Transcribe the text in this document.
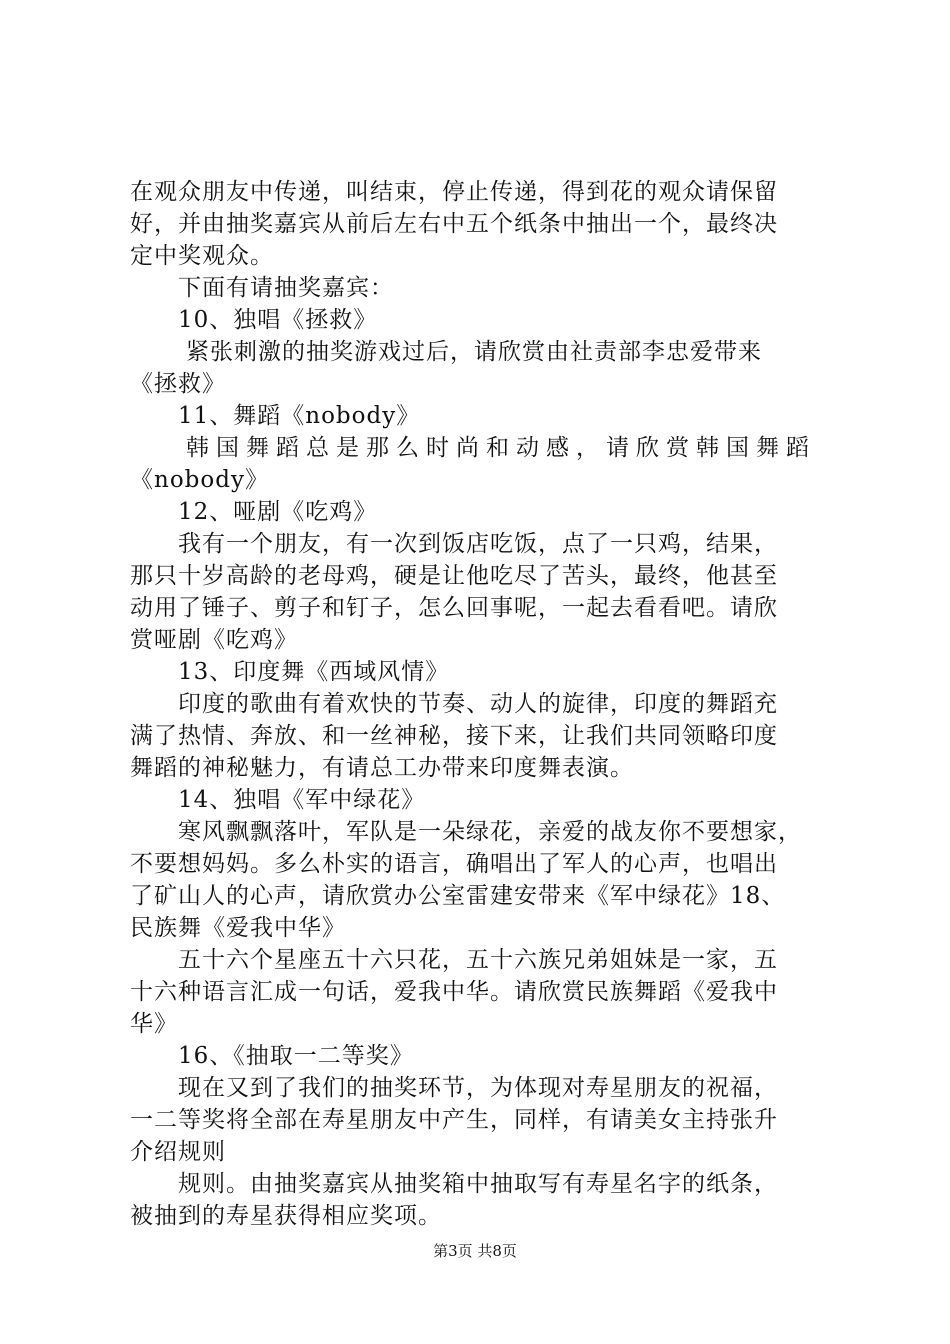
在观众朋友中传递，叫结束，停止传递，得到花的观众请保留
好，并由抽奖嘉宾从前后左右中五个纸条中抽出一个，最终决
定中奖观众。
下面有请抽奖嘉宾：
10、独唱《拯救》
紧张刺激的抽奖游戏过后，请欣赏由社责部李忠爱带来
《拯救》
11、舞蹈《nobody》
韩国舞蹈总是那么时尚和动感，请欣赏韩国舞蹈
《nobody》
12、哑剧《吃鸡》
我有一个朋友，有一次到饭店吃饭，点了一只鸡，结果，
那只十岁高龄的老母鸡，硬是让他吃尽了苦头，最终，他甚至
动用了锤子、剪子和钉子，怎么回事呢，一起去看看吧。请欣
赏哑剧《吃鸡》
13、印度舞《西域风情》
印度的歌曲有着欢快的节奏、动人的旋律，印度的舞蹈充
满了热情、奔放、和一丝神秘，接下来，让我们共同领略印度
舞蹈的神秘魅力，有请总工办带来印度舞表演。
14、独唱《军中绿花》
寒风飘飘落叶，军队是一朵绿花，亲爱的战友你不要想家，
不要想妈妈。多么朴实的语言，确唱出了军人的心声，也唱出
了矿山人的心声，请欣赏办公室雷建安带来《军中绿花》18、
民族舞《爱我中华》
五十六个星座五十六只花，五十六族兄弟姐妹是一家，五
十六种语言汇成一句话，爱我中华。请欣赏民族舞蹈《爱我中
华》
16、《抽取一二等奖》
现在又到了我们的抽奖环节，为体现对寿星朋友的祝福，
一二等奖将全部在寿星朋友中产生，同样，有请美女主持张升
介绍规则
规则。由抽奖嘉宾从抽奖箱中抽取写有寿星名字的纸条，
被抽到的寿星获得相应奖项。
第3页 共8页
